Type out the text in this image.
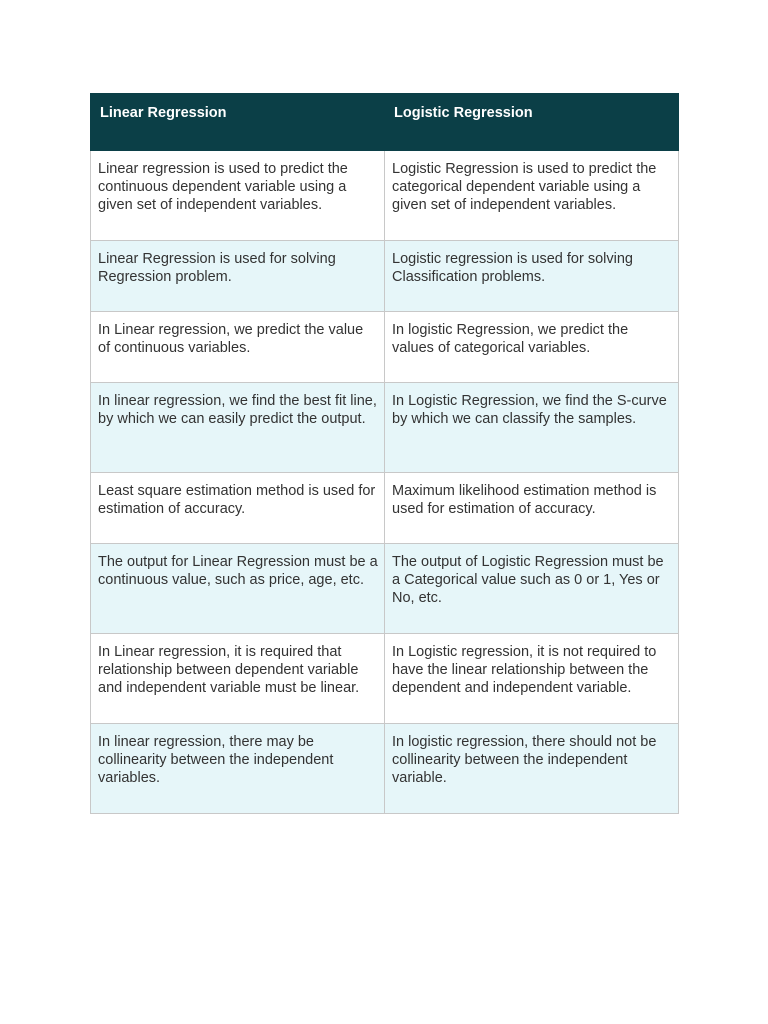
Linear Regression	Logistic Regression
Linear regression is used to predict the continuous dependent variable using a given set of independent variables.	Logistic Regression is used to predict the categorical dependent variable using a given set of independent variables.
Linear Regression is used for solving Regression problem.	Logistic regression is used for solving Classification problems.
In Linear regression, we predict the value of continuous variables.	In logistic Regression, we predict the values of categorical variables.
In linear regression, we find the best fit line, by which we can easily predict the output.	In Logistic Regression, we find the S-curve by which we can classify the samples.
Least square estimation method is used for estimation of accuracy.	Maximum likelihood estimation method is used for estimation of accuracy.
The output for Linear Regression must be a continuous value, such as price, age, etc.	The output of Logistic Regression must be a Categorical value such as 0 or 1, Yes or No, etc.
In Linear regression, it is required that relationship between dependent variable and independent variable must be linear.	In Logistic regression, it is not required to have the linear relationship between the dependent and independent variable.
In linear regression, there may be collinearity between the independent variables.	In logistic regression, there should not be collinearity between the independent variable.
